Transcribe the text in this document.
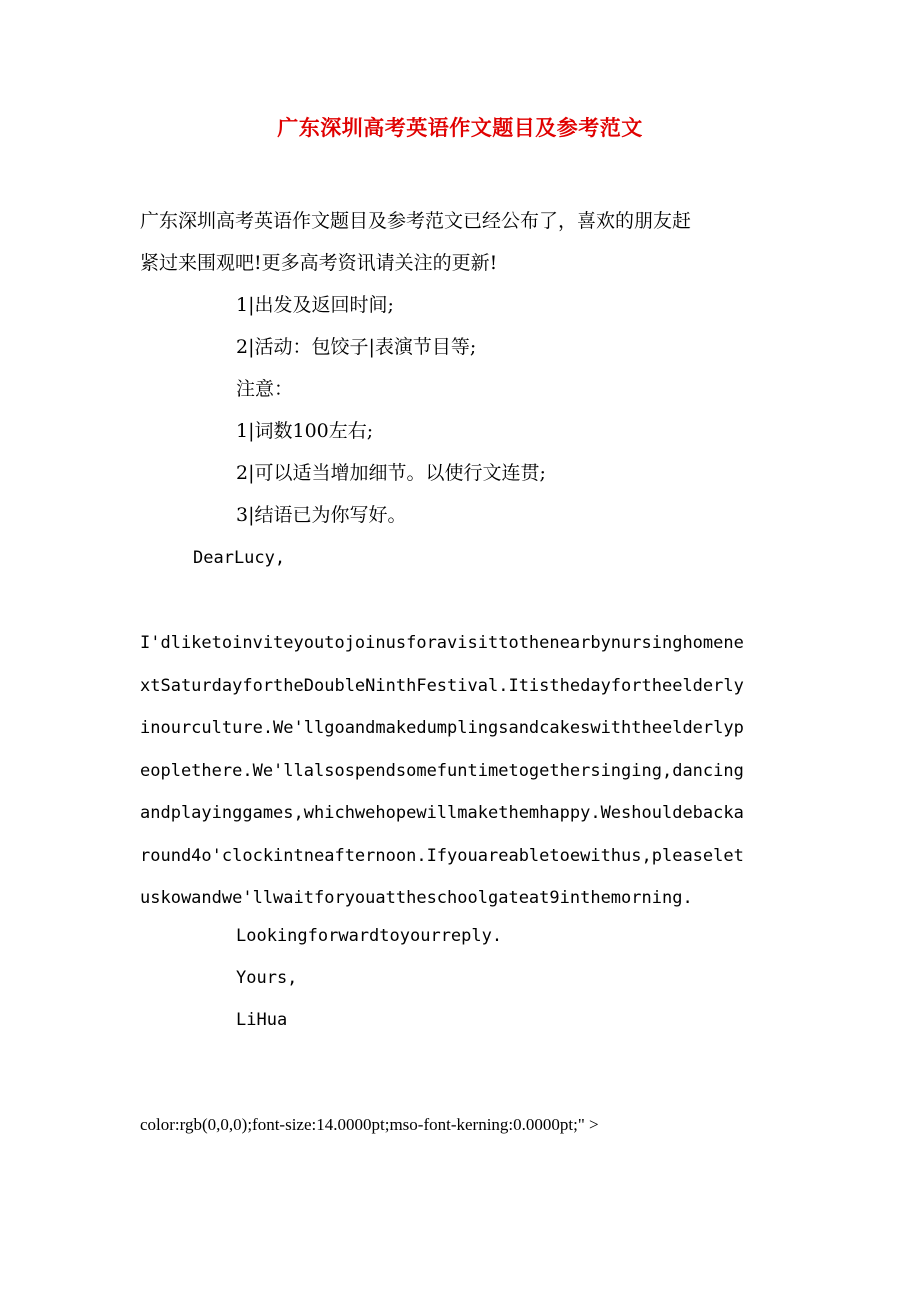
广东深圳高考英语作文题目及参考范文
广东深圳高考英语作文题目及参考范文已经公布了，喜欢的朋友赶
紧过来围观吧!更多高考资讯请关注的更新!
1|出发及返回时间;
2|活动：包饺子|表演节目等;
注意：
1|词数100左右;
2|可以适当增加细节。以使行文连贯;
3|结语已为你写好。
DearLucy,
I'dliketoinviteyoutojoinusforavisittothenearbynursinghomene
xtSaturdayfortheDoubleNinthFestival.Itisthedayfortheelderly
inourculture.We'llgoandmakedumplingsandcakeswiththeelderlyp
eoplethere.We'llalsospendsomefuntimetogethersinging,dancing
andplayinggames,whichwehopewillmakethemhappy.Weshouldebacka
round4o'clockintneafternoon.Ifyouareabletoewithus,pleaselet
uskowandwe'llwaitforyouattheschoolgateat9inthemorning.
Lookingforwardtoyourreply.
Yours,
LiHua
color:rgb(0,0,0);font-size:14.0000pt;mso-font-kerning:0.0000pt;" >
